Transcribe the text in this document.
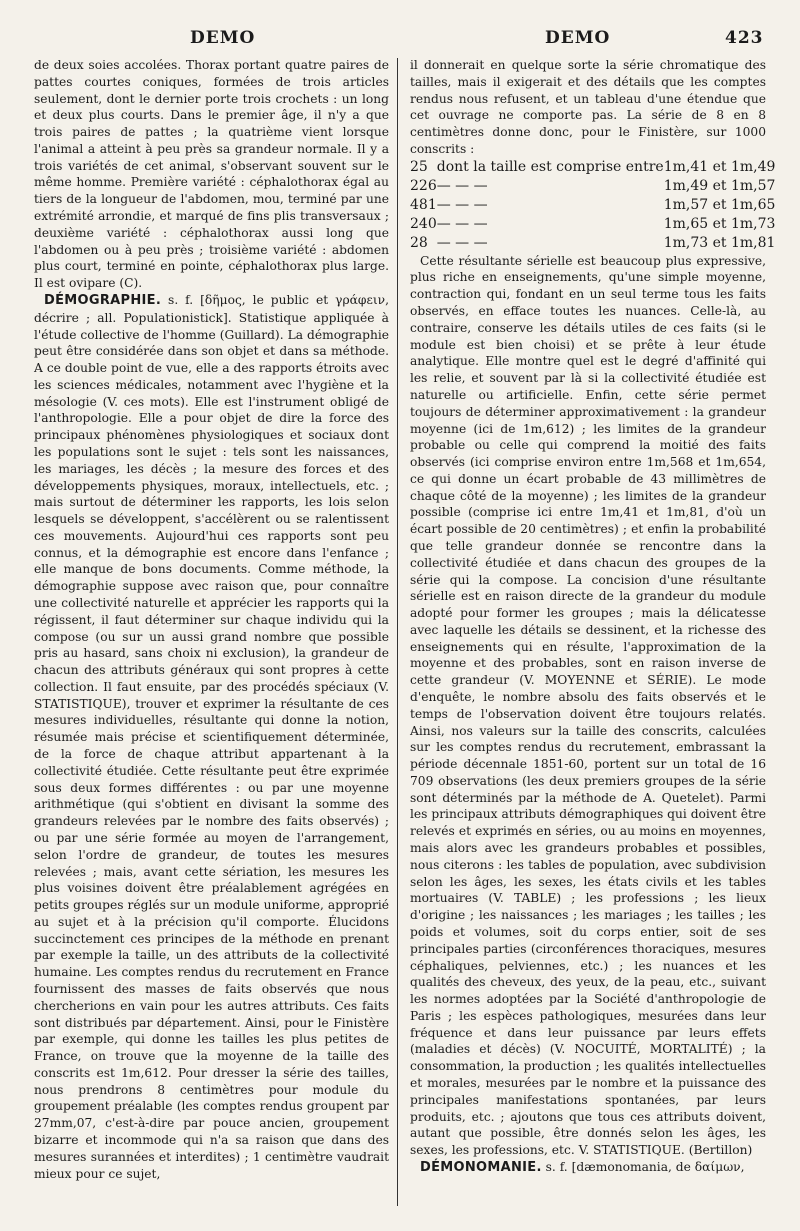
DEMO	DEMO	423

de deux soies accolées. Thorax portant quatre paires de pattes courtes coniques, formées de trois articles seulement, dont le dernier porte trois crochets : un long et deux plus courts. Dans le premier âge, il n'y a que trois paires de pattes ; la quatrième vient lorsque l'animal a atteint à peu près sa grandeur normale. Il y a trois variétés de cet animal, s'observant souvent sur le même homme. Première variété : céphalothorax égal au tiers de la longueur de l'abdomen, mou, terminé par une extrémité arrondie, et marqué de fins plis transversaux ; deuxième variété : céphalothorax aussi long que l'abdomen ou à peu près ; troisième variété : abdomen plus court, terminé en pointe, céphalothorax plus large. Il est ovipare (C).

DÉMOGRAPHIE. s. f. [δῆμος, le public et γράφειν, décrire ; all. Populationistick]. Statistique appliquée à l'étude collective de l'homme (Guillard). La démographie peut être considérée dans son objet et dans sa méthode. A ce double point de vue, elle a des rapports étroits avec les sciences médicales, notamment avec l'hygiène et la mésologie (V. ces mots). Elle est l'instrument obligé de l'anthropologie. Elle a pour objet de dire la force des principaux phénomènes physiologiques et sociaux dont les populations sont le sujet : tels sont les naissances, les mariages, les décès ; la mesure des forces et des développements physiques, moraux, intellectuels, etc. ; mais surtout de déterminer les rapports, les lois selon lesquels se développent, s'accélèrent ou se ralentissent ces mouvements. Aujourd'hui ces rapports sont peu connus, et la démographie est encore dans l'enfance ; elle manque de bons documents. Comme méthode, la démographie suppose avec raison que, pour connaître une collectivité naturelle et apprécier les rapports qui la régissent, il faut déterminer sur chaque individu qui la compose (ou sur un aussi grand nombre que possible pris au hasard, sans choix ni exclusion), la grandeur de chacun des attributs généraux qui sont propres à cette collection. Il faut ensuite, par des procédés spéciaux (V. STATISTIQUE), trouver et exprimer la résultante de ces mesures individuelles, résultante qui donne la notion, résumée mais précise et scientifiquement déterminée, de la force de chaque attribut appartenant à la collectivité étudiée. Cette résultante peut être exprimée sous deux formes différentes : ou par une moyenne arithmétique (qui s'obtient en divisant la somme des grandeurs relevées par le nombre des faits observés) ; ou par une série formée au moyen de l'arrangement, selon l'ordre de grandeur, de toutes les mesures relevées ; mais, avant cette sériation, les mesures les plus voisines doivent être préalablement agrégées en petits groupes réglés sur un module uniforme, approprié au sujet et à la précision qu'il comporte. Élucidons succinctement ces principes de la méthode en prenant par exemple la taille, un des attributs de la collectivité humaine. Les comptes rendus du recrutement en France fournissent des masses de faits observés que nous chercherions en vain pour les autres attributs. Ces faits sont distribués par département. Ainsi, pour le Finistère par exemple, qui donne les tailles les plus petites de France, on trouve que la moyenne de la taille des conscrits est 1m,612. Pour dresser la série des tailles, nous prendrons 8 centimètres pour module du groupement préalable (les comptes rendus groupent par 27mm,07, c'est-à-dire par pouce ancien, groupement bizarre et incommode qui n'a sa raison que dans des mesures surannées et interdites) ; 1 centimètre vaudrait mieux pour ce sujet,

il donnerait en quelque sorte la série chromatique des tailles, mais il exigerait et des détails que les comptes rendus nous refusent, et un tableau d'une étendue que cet ouvrage ne comporte pas. La série de 8 en 8 centimètres donne donc, pour le Finistère, sur 1000 conscrits :

25	dont la taille est comprise entre	1m,41 et 1m,49
226	— — —	1m,49 et 1m,57
481	— — —	1m,57 et 1m,65
240	— — —	1m,65 et 1m,73
28	— — —	1m,73 et 1m,81

Cette résultante sérielle est beaucoup plus expressive, plus riche en enseignements, qu'une simple moyenne, contraction qui, fondant en un seul terme tous les faits observés, en efface toutes les nuances. Celle-là, au contraire, conserve les détails utiles de ces faits (si le module est bien choisi) et se prête à leur étude analytique. Elle montre quel est le degré d'affinité qui les relie, et souvent par là si la collectivité étudiée est naturelle ou artificielle. Enfin, cette série permet toujours de déterminer approximativement : la grandeur moyenne (ici de 1m,612) ; les limites de la grandeur probable ou celle qui comprend la moitié des faits observés (ici comprise environ entre 1m,568 et 1m,654, ce qui donne un écart probable de 43 millimètres de chaque côté de la moyenne) ; les limites de la grandeur possible (comprise ici entre 1m,41 et 1m,81, d'où un écart possible de 20 centimètres) ; et enfin la probabilité que telle grandeur donnée se rencontre dans la collectivité étudiée et dans chacun des groupes de la série qui la compose. La concision d'une résultante sérielle est en raison directe de la grandeur du module adopté pour former les groupes ; mais la délicatesse avec laquelle les détails se dessinent, et la richesse des enseignements qui en résulte, l'approximation de la moyenne et des probables, sont en raison inverse de cette grandeur (V. MOYENNE et SÉRIE). Le mode d'enquête, le nombre absolu des faits observés et le temps de l'observation doivent être toujours relatés. Ainsi, nos valeurs sur la taille des conscrits, calculées sur les comptes rendus du recrutement, embrassant la période décennale 1851-60, portent sur un total de 16 709 observations (les deux premiers groupes de la série sont déterminés par la méthode de A. Quetelet). Parmi les principaux attributs démographiques qui doivent être relevés et exprimés en séries, ou au moins en moyennes, mais alors avec les grandeurs probables et possibles, nous citerons : les tables de population, avec subdivision selon les âges, les sexes, les états civils et les tables mortuaires (V. TABLE) ; les professions ; les lieux d'origine ; les naissances ; les mariages ; les tailles ; les poids et volumes, soit du corps entier, soit de ses principales parties (circonférences thoraciques, mesures céphaliques, pelviennes, etc.) ; les nuances et les qualités des cheveux, des yeux, de la peau, etc., suivant les normes adoptées par la Société d'anthropologie de Paris ; les espèces pathologiques, mesurées dans leur fréquence et dans leur puissance par leurs effets (maladies et décès) (V. NOCUITÉ, MORTALITÉ) ; la consommation, la production ; les qualités intellectuelles et morales, mesurées par le nombre et la puissance des principales manifestations spontanées, par leurs produits, etc. ; ajoutons que tous ces attributs doivent, autant que possible, être donnés selon les âges, les sexes, les professions, etc. V. STATISTIQUE. (Bertillon)

DÉMONOMANIE. s. f. [dæmonomania, de δαίμων,
